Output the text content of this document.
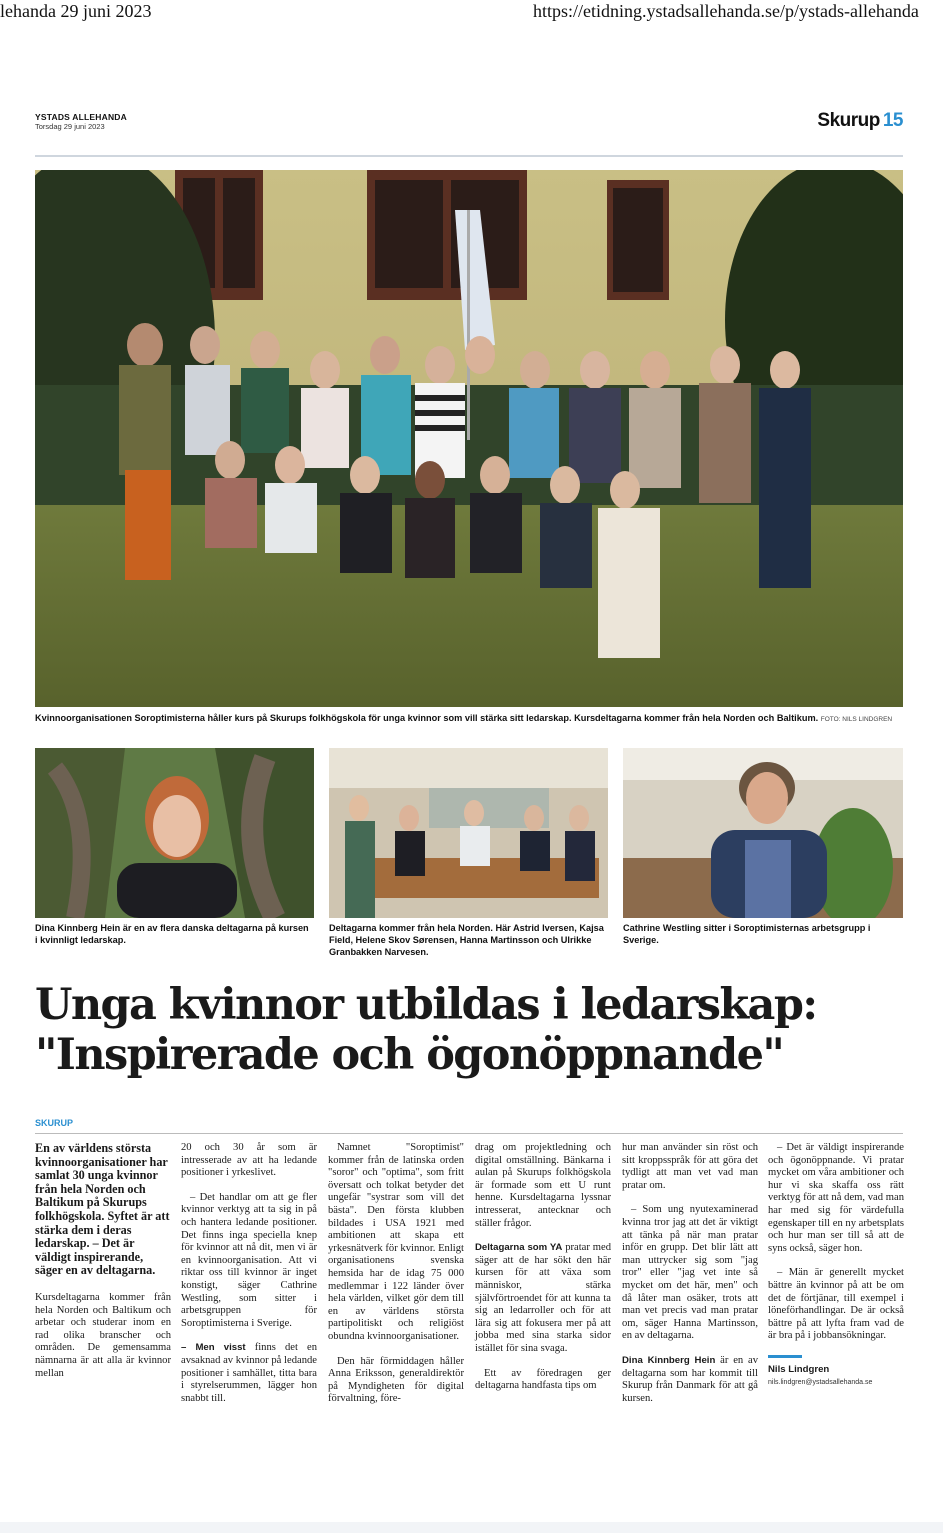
lehanda 29 juni 2023	https://etidning.ystadsallehanda.se/p/ystads-allehanda
YSTADS ALLEHANDA
Torsdag 29 juni 2023	Skurup 15
Kvinnoorganisationen Soroptimisterna håller kurs på Skurups folkhögskola för unga kvinnor som vill stärka sitt ledarskap. Kursdeltagarna kommer från hela Norden och Baltikum. FOTO: NILS LINDGREN
Dina Kinnberg Hein är en av flera danska deltagarna på kursen i kvinnligt ledarskap.
Deltagarna kommer från hela Norden. Här Astrid Iversen, Kajsa Field, Helene Skov Sørensen, Hanna Martinsson och Ulrikke Granbakken Narvesen.
Cathrine Westling sitter i Soroptimisternas arbetsgrupp i Sverige.
Unga kvinnor utbildas i ledarskap:
"Inspirerade och ögonöppnande"
SKURUP

En av världens största kvinnoorganisationer har samlat 30 unga kvinnor från hela Norden och Baltikum på Skurups folkhögskola. Syftet är att stärka dem i deras ledarskap. – Det är väldigt inspirerande, säger en av deltagarna.

Kursdeltagarna kommer från hela Norden och Baltikum och arbetar och studerar inom en rad olika branscher och områden. De gemensamma nämnarna är att alla är kvinnor mellan

20 och 30 år som är intresserade av att ha ledande positioner i yrkeslivet.

– Det handlar om att ge fler kvinnor verktyg att ta sig in på och hantera ledande positioner. Det finns inga speciella knep för kvinnor att nå dit, men vi är en kvinnoorganisation. Att vi riktar oss till kvinnor är inget konstigt, säger Cathrine Westling, som sitter i arbetsgruppen för Soroptimisterna i Sverige.

– Men visst finns det en avsaknad av kvinnor på ledande positioner i samhället, titta bara i styrelserummen, lägger hon snabbt till.

Namnet "Soroptimist" kommer från de latinska orden "soror" och "optima", som fritt översatt och tolkat betyder det ungefär "systrar som vill det bästa". Den första klubben bildades i USA 1921 med ambitionen att skapa ett yrkesnätverk för kvinnor. Enligt organisationens svenska hemsida har de idag 75 000 medlemmar i 122 länder över hela världen, vilket gör dem till en av världens största partipolitiskt och religiöst obundna kvinnoorganisationer.

Den här förmiddagen håller Anna Eriksson, generaldirektör på Myndigheten för digital förvaltning, före-

drag om projektledning och digital omställning. Bänkarna i aulan på Skurups folkhögskola är formade som ett U runt henne. Kursdeltagarna lyssnar intresserat, antecknar och ställer frågor.

Deltagarna som YA pratar med säger att de har sökt den här kursen för att växa som människor, stärka självförtroendet för att kunna ta sig an ledarroller och för att lära sig att fokusera mer på att jobba med sina starka sidor istället för sina svaga.

Ett av föredragen ger deltagarna handfasta tips om

hur man använder sin röst och sitt kroppsspråk för att göra det tydligt att man vet vad man pratar om.

– Som ung nyutexaminerad kvinna tror jag att det är viktigt att tänka på när man pratar inför en grupp. Det blir lätt att man uttrycker sig som "jag tror" eller "jag vet inte så mycket om det här, men" och då låter man osäker, trots att man vet precis vad man pratar om, säger Hanna Martinsson, en av deltagarna.

Dina Kinnberg Hein är en av deltagarna som har kommit till Skurup från Danmark för att gå kursen.

– Det är väldigt inspirerande och ögonöppnande. Vi pratar mycket om våra ambitioner och hur vi ska skaffa oss rätt verktyg för att nå dem, vad man har med sig för värdefulla egenskaper till en ny arbetsplats och hur man ser till så att de syns också, säger hon.

– Män är generellt mycket bättre än kvinnor på att be om det de förtjänar, till exempel i löneförhandlingar. De är också bättre på att lyfta fram vad de är bra på i jobbansökningar.

Nils Lindgren
nils.lindgren@ystadsallehanda.se
